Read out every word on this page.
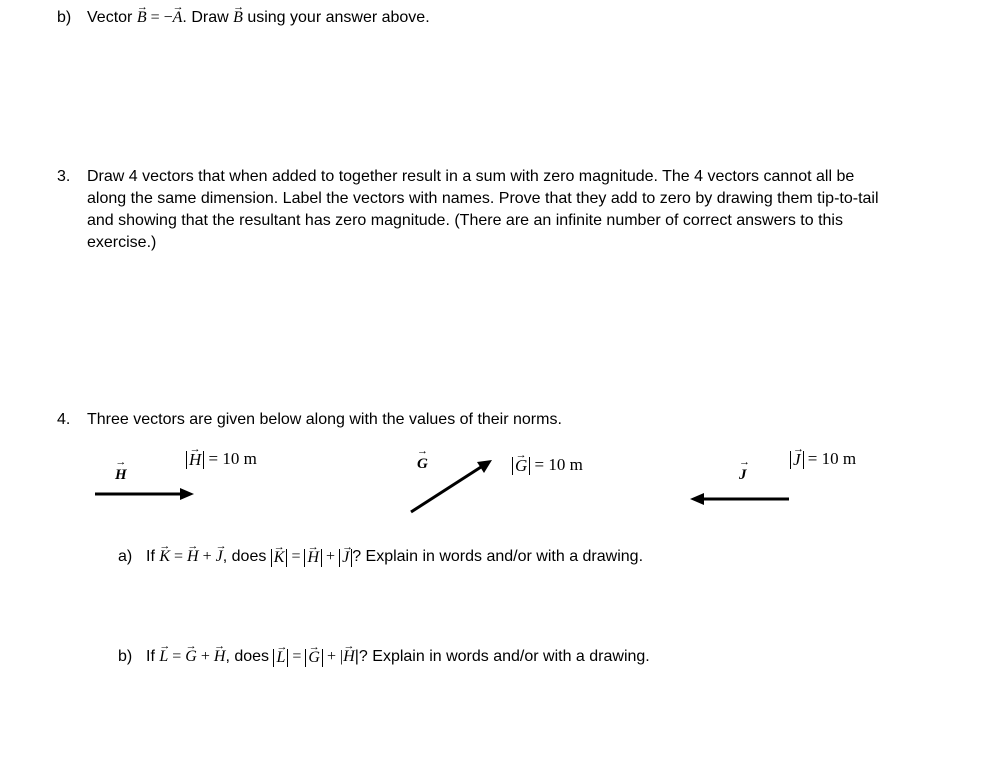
b) Vector → B = −→ A. Draw → B using your answer above.
3. Draw 4 vectors that when added to together result in a sum with zero magnitude. The 4 vectors cannot all be
along the same dimension. Label the vectors with names. Prove that they add to zero by drawing them tip-to-tail
and showing that the resultant has zero magnitude. (There are an infinite number of correct answers to this
exercise.)
4. Three vectors are given below along with the values of their norms.
→ H = 10 m
→ H
→ G
→	G = 10 m
→ J
→ J = 10 m
a) If → K = → H + → J, does → K = → H + → J ? Explain in words and/or with a drawing.
b) If → L = → G + → H, does → L = → G + |→ H|? Explain in words and/or with a drawing.
